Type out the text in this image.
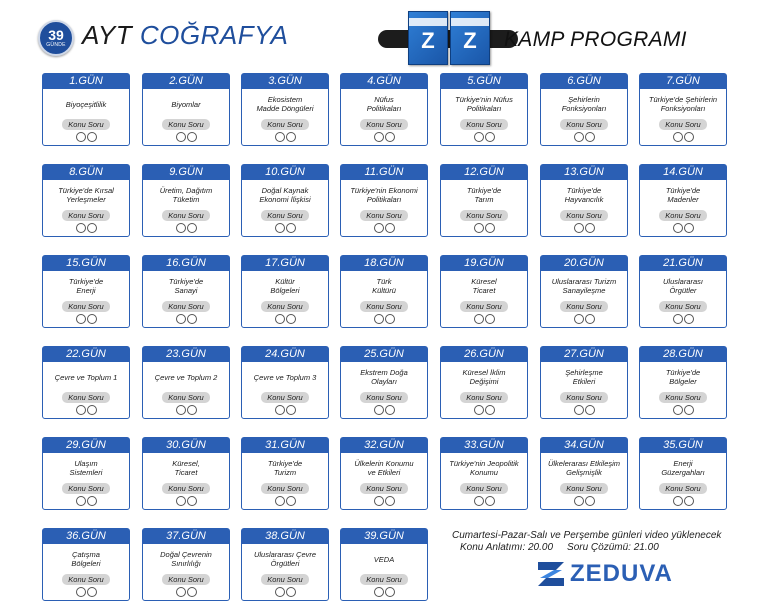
39
GÜNDE AYT COĞRAFYA	Z Z KAMP PROGRAMI
1.GÜN
Biyoçeşitlilik
Konu Soru
2.GÜN
Biyomlar
Konu Soru
3.GÜN
Ekosistem
Madde Döngüleri
Konu Soru
4.GÜN
Nüfus
Politikaları
Konu Soru
5.GÜN
Türkiye'nin Nüfus
Politikaları
Konu Soru
6.GÜN
Şehirlerin
Fonksiyonları
Konu Soru
7.GÜN
Türkiye'de Şehirlerin
Fonksiyonları
Konu Soru
8.GÜN
Türkiye'de Kırsal
Yerleşmeler
Konu Soru
9.GÜN
Üretim, Dağıtım
Tüketim
Konu Soru
10.GÜN
Doğal Kaynak
Ekonomi İlişkisi
Konu Soru
11.GÜN
Türkiye'nin Ekonomi
Politikaları
Konu Soru
12.GÜN
Türkiye'de
Tarım
Konu Soru
13.GÜN
Türkiye'de
Hayvancılık
Konu Soru
14.GÜN
Türkiye'de
Madenler
Konu Soru
15.GÜN
Türkiye'de
Enerji
Konu Soru
16.GÜN
Türkiye'de
Sanayi
Konu Soru
17.GÜN
Kültür
Bölgeleri
Konu Soru
18.GÜN
Türk
Kültürü
Konu Soru
19.GÜN
Küresel
Ticaret
Konu Soru
20.GÜN
Uluslararası Turizm
Sanayileşme
Konu Soru
21.GÜN
Uluslararası
Örgütler
Konu Soru
22.GÜN
Çevre ve Toplum 1
Konu Soru
23.GÜN
Çevre ve Toplum 2
Konu Soru
24.GÜN
Çevre ve Toplum 3
Konu Soru
25.GÜN
Ekstrem Doğa
Olayları
Konu Soru
26.GÜN
Küresel İklim
Değişimi
Konu Soru
27.GÜN
Şehirleşme
Etkileri
Konu Soru
28.GÜN
Türkiye'de
Bölgeler
Konu Soru
29.GÜN
Ulaşım
Sistemleri
Konu Soru
30.GÜN
Küresel,
Ticaret
Konu Soru
31.GÜN
Türkiye'de
Turizm
Konu Soru
32.GÜN
Ülkelerin Konumu
ve Etkileri
Konu Soru
33.GÜN
Türkiye'nin Jeopolitik
Konumu
Konu Soru
34.GÜN
Ülkelerarası Etkileşim
Gelişmişlik
Konu Soru
35.GÜN
Enerji
Güzergahları
Konu Soru
36.GÜN
Çatışma
Bölgeleri
Konu Soru
37.GÜN
Doğal Çevrenin
Sınırlılığı
Konu Soru
38.GÜN
Uluslararası Çevre
Örgütleri
Konu Soru
39.GÜN
VEDA
Konu Soru
Cumartesi-Pazar-Salı ve Perşembe günleri video yüklenecek
Konu Anlatımı: 20.00 Soru Çözümü: 21.00
ZEDUVA
